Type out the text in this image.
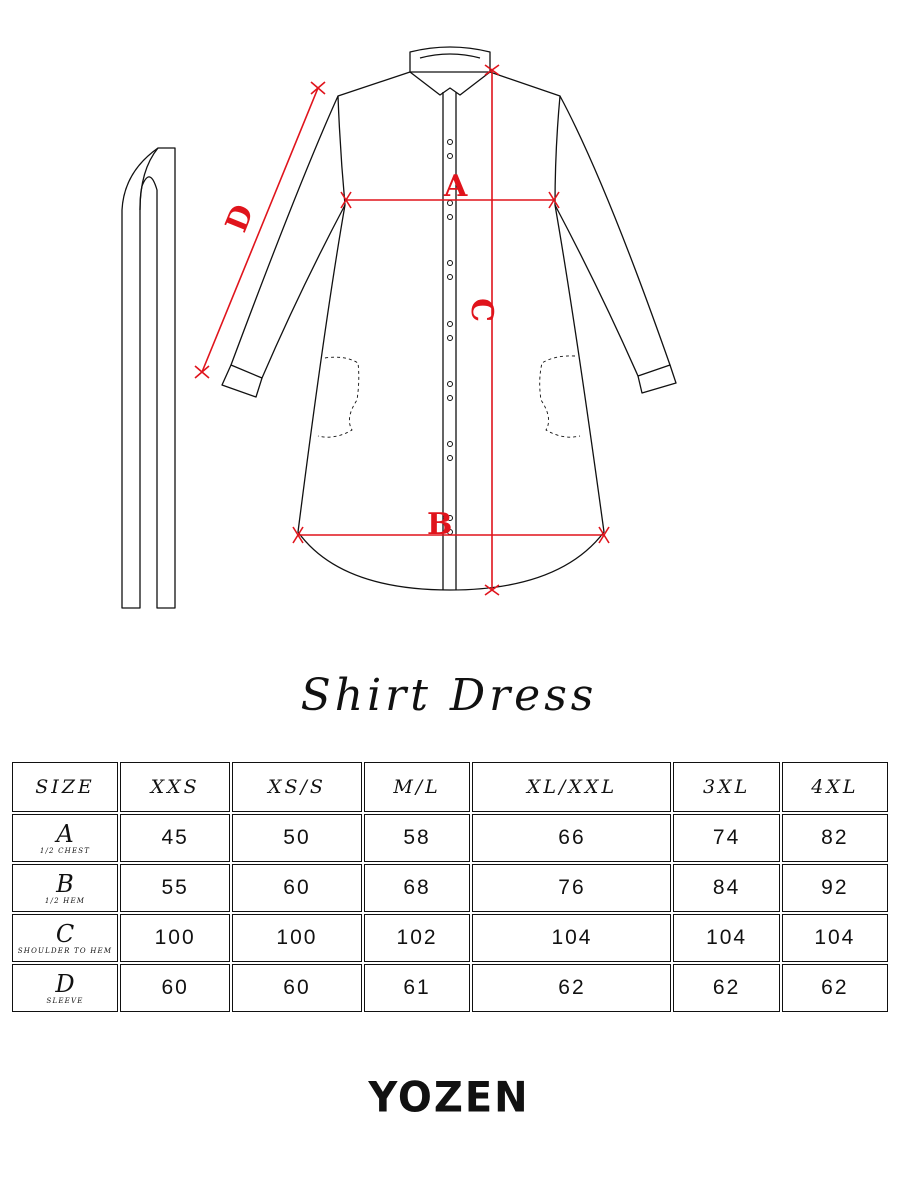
A
B
C
D
Shirt Dress
SIZE	XXS	XS/S	M/L	XL/XXL	3XL	4XL

A
1/2 CHEST	45	50	58	66	74	82

B
1/2 HEM	55	60	68	76	84	92

C
SHOULDER TO HEM	100	100	102	104	104	104

D
SLEEVE	60	60	61	62	62	62
YOZEN
